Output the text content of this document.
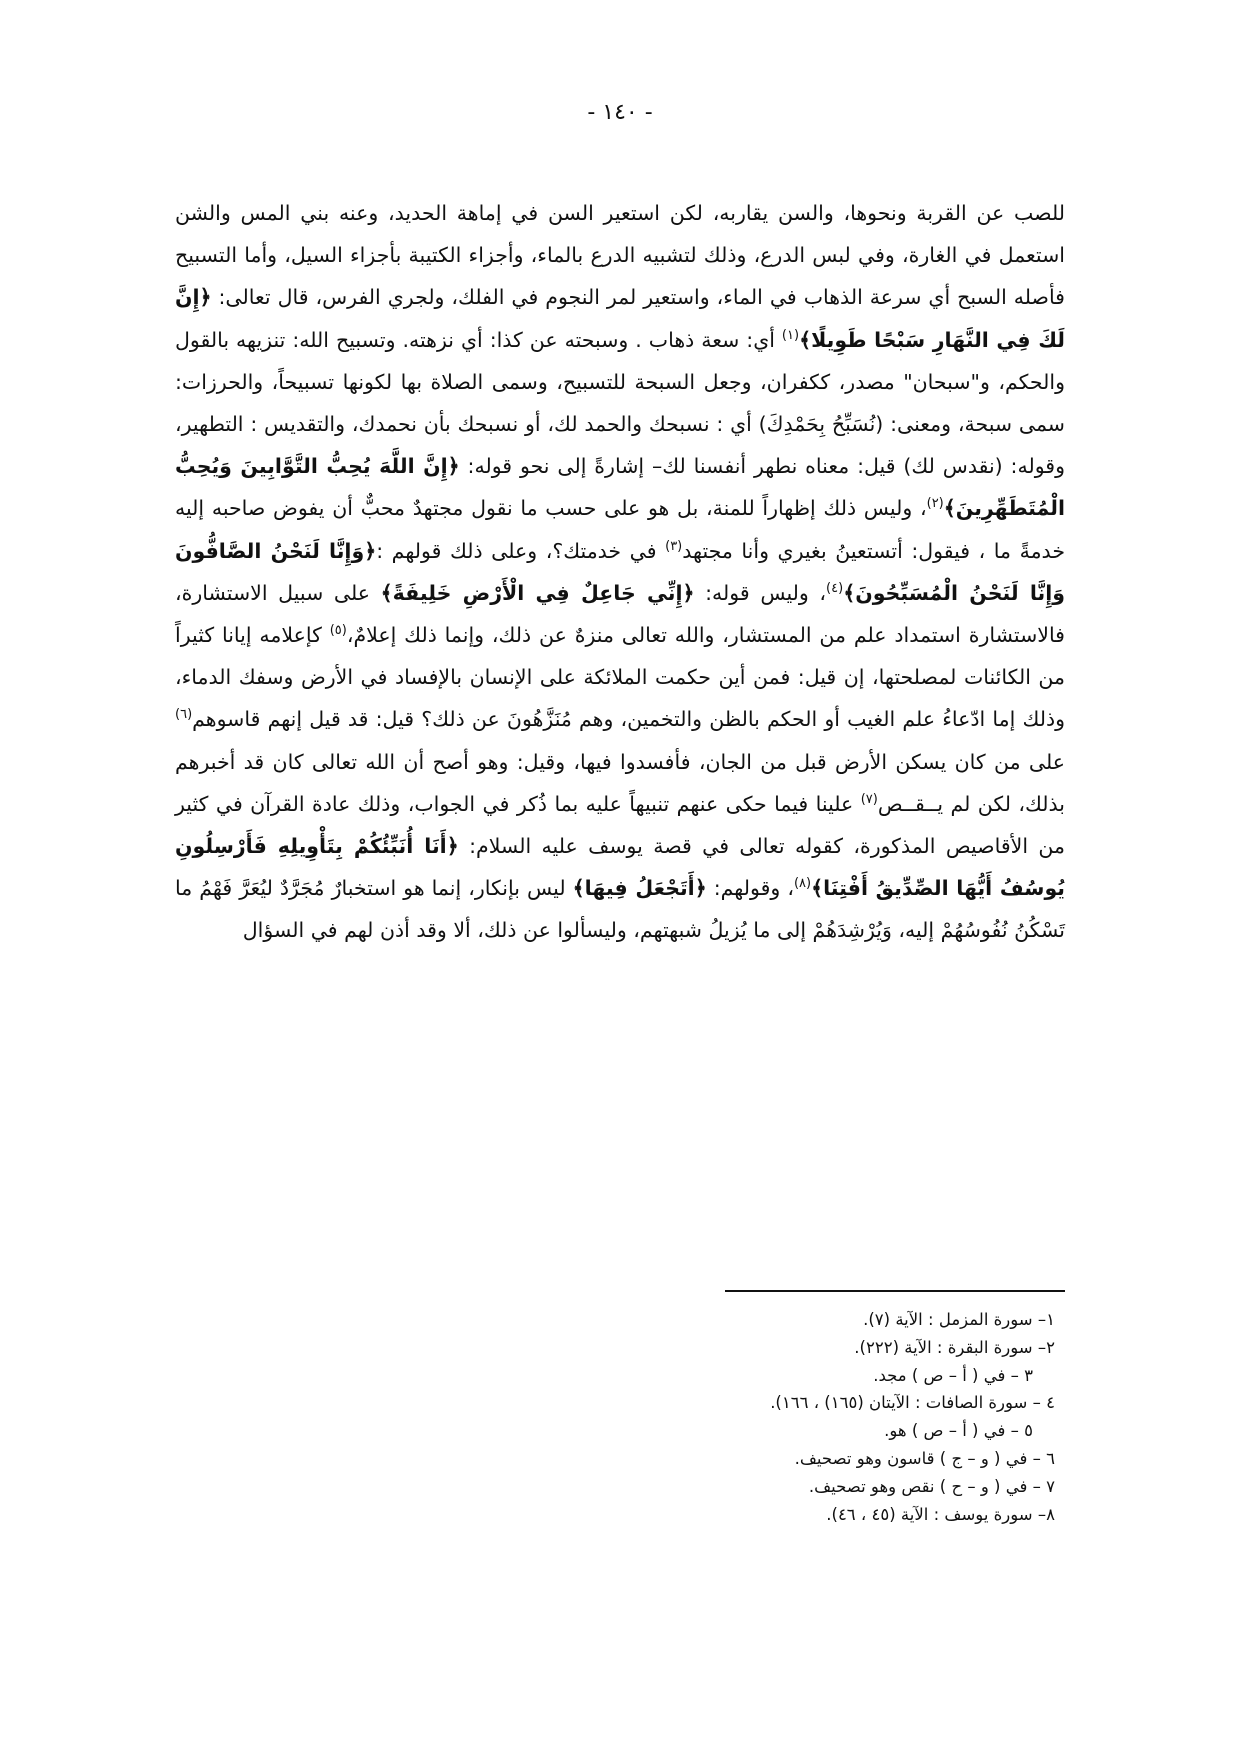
- ١٤٠ -

للصب عن القربة ونحوها، والسن يقاربه، لكن استعير السن في إماهة الحديد، وعنه بني المس والشن استعمل في الغارة، وفي لبس الدرع، وذلك لتشبيه الدرع بالماء، وأجزاء الكتيبة بأجزاء السيل، وأما التسبيح فأصله السبح أي سرعة الذهاب في الماء، واستعير لمر النجوم في الفلك، ولجري الفرس، قال تعالى: ﴿إِنَّ لَكَ فِي النَّهَارِ سَبْحًا طَوِيلًا﴾$^{(١)}$ أي: سعة ذهاب . وسبحته عن كذا: أي نزهته. وتسبيح الله: تنزيهه بالقول والحكم، و"سبحان" مصدر، ككفران، وجعل السبحة للتسبيح، وسمى الصلاة بها لكونها تسبيحاً، والحرزات: سمى سبحة، ومعنى: (نُسَبِّحُ بِحَمْدِكَ) أي : نسبحك والحمد لك، أو نسبحك بأن نحمدك، والتقديس : التطهير، وقوله: (نقدس لك) قيل: معناه نطهر أنفسنا لك– إشارةً إلى نحو قوله: ﴿إِنَّ اللَّهَ يُحِبُّ التَّوَّابِينَ وَيُحِبُّ الْمُتَطَهِّرِينَ﴾$^{(٢)}$، وليس ذلك إظهاراً للمنة، بل هو على حسب ما نقول مجتهدٌ محبٌّ أن يفوض صاحبه إليه خدمةً ما ، فيقول: أتستعينُ بغيري وأنا مجتهد$^{(٣)}$ في خدمتك؟، وعلى ذلك قولهم :﴿وَإِنَّا لَنَحْنُ الصَّافُّونَ وَإِنَّا لَنَحْنُ الْمُسَبِّحُونَ﴾$^{(٤)}$، وليس قوله: ﴿إِنِّي جَاعِلٌ فِي الْأَرْضِ خَلِيفَةً﴾ على سبيل الاستشارة، فالاستشارة استمداد علم من المستشار، والله تعالى منزهٌ عن ذلك، وإنما ذلك إعلامٌ،$^{(٥)}$ كإعلامه إيانا كثيراً من الكائنات لمصلحتها، إن قيل: فمن أين حكمت الملائكة على الإنسان بالإفساد في الأرض وسفك الدماء، وذلك إما ادّعاءُ علم الغيب أو الحكم بالظن والتخمين، وهم مُنَزَّهُونَ عن ذلك؟ قيل: قد قيل إنهم قاسوهم$^{(٦)}$ على من كان يسكن الأرض قبل من الجان، فأفسدوا فيها، وقيل: وهو أصح أن الله تعالى كان قد أخبرهم بذلك، لكن لم يــقــص$^{(٧)}$ علينا فيما حكى عنهم تنبيهاً عليه بما ذُكر في الجواب، وذلك عادة القرآن في كثير من الأقاصيص المذكورة، كقوله تعالى في قصة يوسف عليه السلام: ﴿أَنَا أُنَبِّئُكُمْ بِتَأْوِيلِهِ فَأَرْسِلُونِ يُوسُفُ أَيُّهَا الصِّدِّيقُ أَفْتِنَا﴾$^{(٨)}$، وقولهم: ﴿أَتَجْعَلُ فِيهَا﴾ ليس بإنكار، إنما هو استخبارٌ مُجَرَّدٌ ليُعَرَّ فَهْمُ ما تَسْكُنُ نُفُوسُهُمْ إليه، وَيُرْشِدَهُمْ إلى ما يُزيلُ شبهتهم، وليسألوا عن ذلك، ألا وقد أذن لهم في السؤال

١– سورة المزمل : الآية (٧).
٢– سورة البقرة : الآية (٢٢٢).
٣ – في ( أ – ص ) مجد.
٤ – سورة الصافات : الآيتان (١٦٥) ، ١٦٦).
٥ – في ( أ – ص ) هو.
٦ – في ( و – ج ) قاسون وهو تصحيف.
٧ – في ( و – ح ) نقص وهو تصحيف.
٨– سورة يوسف : الآية (٤٥ ، ٤٦).
